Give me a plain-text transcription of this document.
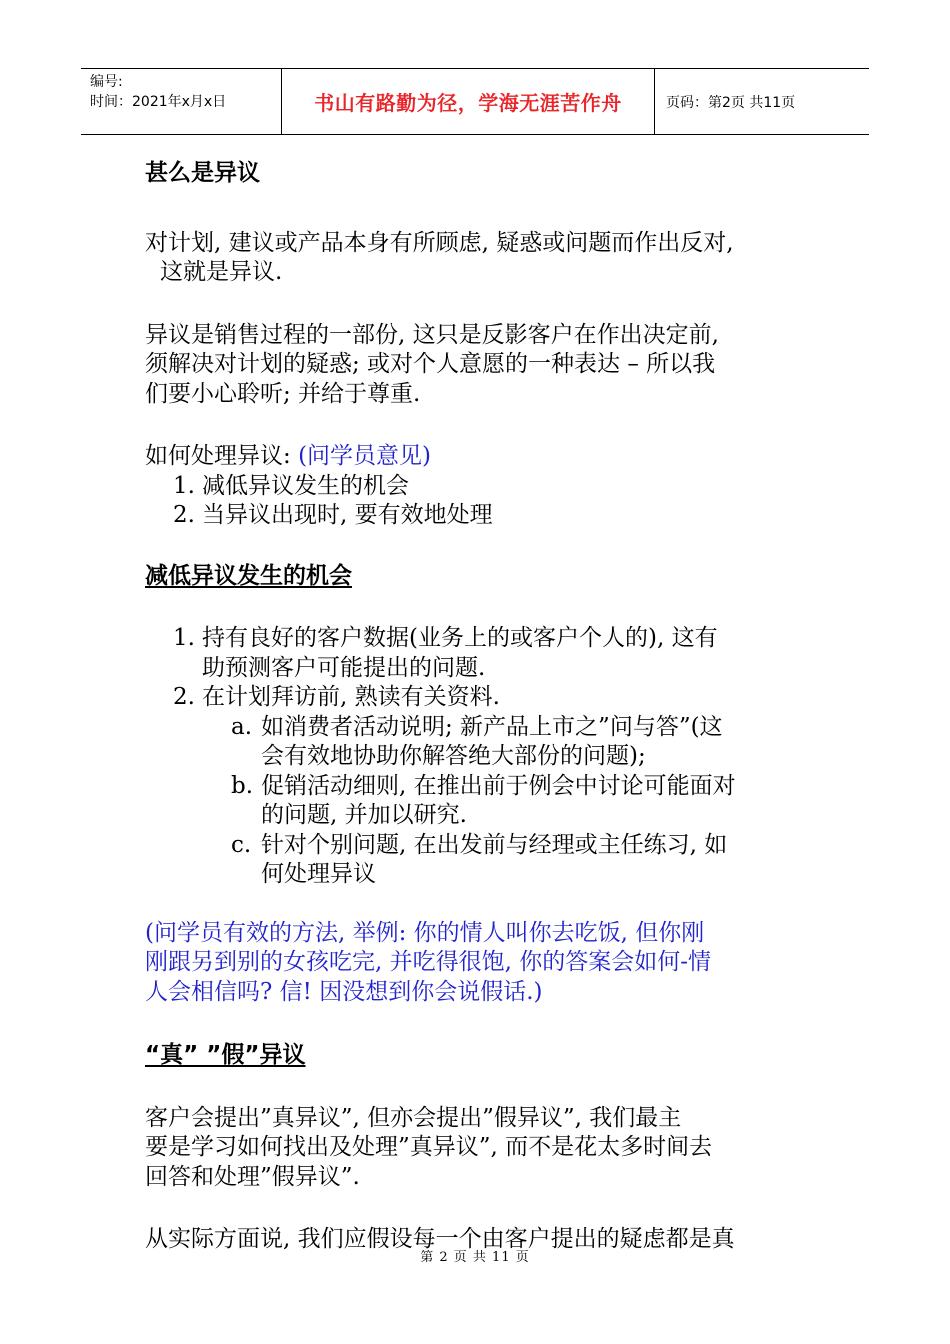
编号:
时间：2021年x月x日	书山有路勤为径，学海无涯苦作舟	页码：第2页 共11页

甚么是异议

对计划, 建议或产品本身有所顾虑, 疑惑或问题而作出反对,

这就是异议.

异议是销售过程的一部份, 这只是反影客户在作出决定前,

须解决对计划的疑惑; 或对个人意愿的一种表达 – 所以我

们要小心聆听; 并给于尊重.

如何处理异议: (问学员意见)

1. 减低异议发生的机会
2. 当异议出现时, 要有效地处理

减低异议发生的机会

1. 持有良好的客户数据(业务上的或客户个人的), 这有
助预测客户可能提出的问题.
2. 在计划拜访前, 熟读有关资料.
a. 如消费者活动说明; 新产品上市之”问与答”(这
会有效地协助你解答绝大部份的问题);
b. 促销活动细则, 在推出前于例会中讨论可能面对
的问题, 并加以研究.
c. 针对个别问题, 在出发前与经理或主任练习, 如
何处理异议

(问学员有效的方法, 举例: 你的情人叫你去吃饭, 但你刚

刚跟另到别的女孩吃完, 并吃得很饱, 你的答案会如何-情

人会相信吗? 信! 因没想到你会说假话.)

“真” ”假”异议

客户会提出”真异议”, 但亦会提出”假异议”, 我们最主

要是学习如何找出及处理”真异议”, 而不是花太多时间去

回答和处理”假异议”.

从实际方面说, 我们应假设每一个由客户提出的疑虑都是真

第 2 页 共 11 页
